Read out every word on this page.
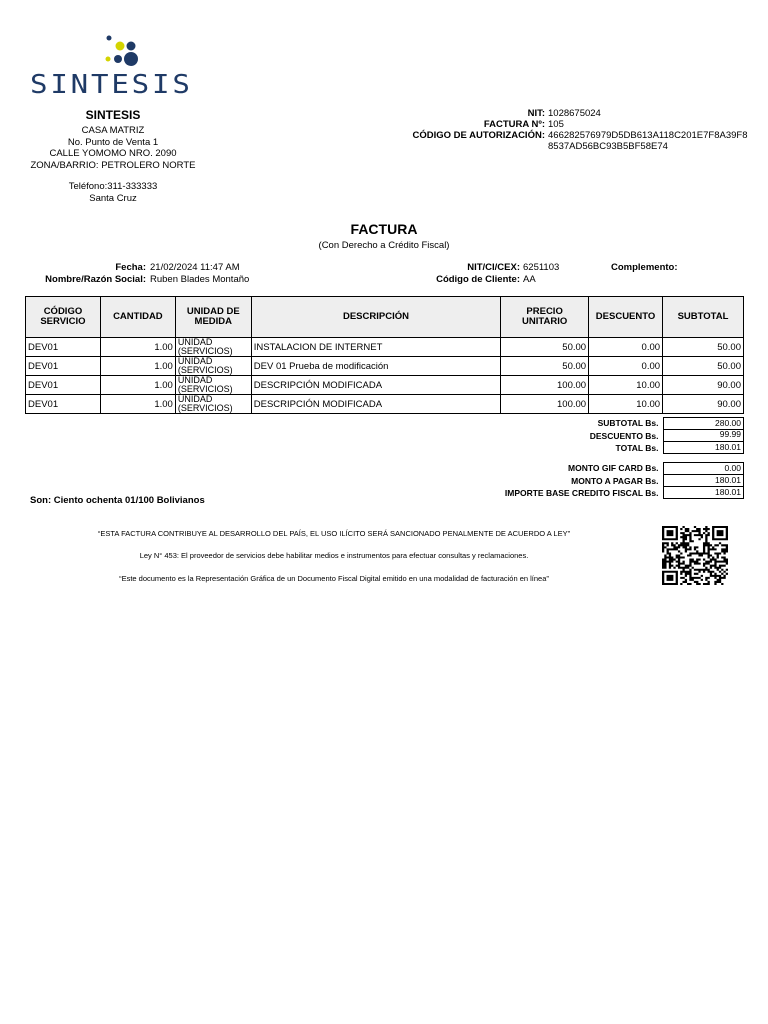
SINTESIS
SINTESIS
CASA MATRIZ
No. Punto de Venta 1
CALLE YOMOMO NRO. 2090
ZONA/BARRIO: PETROLERO NORTE
Teléfono:311-333333
Santa Cruz
NIT: 1028675024
FACTURA Nº: 105
CÓDIGO DE AUTORIZACIÓN: 466282576979D5DB613A118C201E7F8A39F88537AD56BC93B5BF58E74
FACTURA
(Con Derecho a Crédito Fiscal)
Fecha: 21/02/2024 11:47 AM
Nombre/Razón Social: Ruben Blades Montaño
NIT/CI/CEX: 6251103
Código de Cliente: AA
Complemento:
CÓDIGO SERVICIO	CANTIDAD	UNIDAD DE MEDIDA	DESCRIPCIÓN	PRECIO UNITARIO	DESCUENTO	SUBTOTAL
DEV01	1.00	UNIDAD (SERVICIOS)	INSTALACION DE INTERNET	50.00	0.00	50.00
DEV01	1.00	UNIDAD (SERVICIOS)	DEV 01 Prueba de modificación	50.00	0.00	50.00
DEV01	1.00	UNIDAD (SERVICIOS)	DESCRIPCIÓN MODIFICADA	100.00	10.00	90.00
DEV01	1.00	UNIDAD (SERVICIOS)	DESCRIPCIÓN MODIFICADA	100.00	10.00	90.00
SUBTOTAL Bs.	280.00
DESCUENTO Bs.	99.99
TOTAL Bs.	180.01
MONTO GIF CARD Bs.	0.00
MONTO A PAGAR Bs.	180.01
IMPORTE BASE CREDITO FISCAL Bs.	180.01
Son: Ciento ochenta 01/100 Bolivianos
“ESTA FACTURA CONTRIBUYE AL DESARROLLO DEL PAÍS, EL USO ILÍCITO SERÁ SANCIONADO PENALMENTE DE ACUERDO A LEY”
Ley N° 453: El proveedor de servicios debe habilitar medios e instrumentos para efectuar consultas y reclamaciones.
“Este documento es la Representación Gráfica de un Documento Fiscal Digital emitido en una modalidad de facturación en línea”
